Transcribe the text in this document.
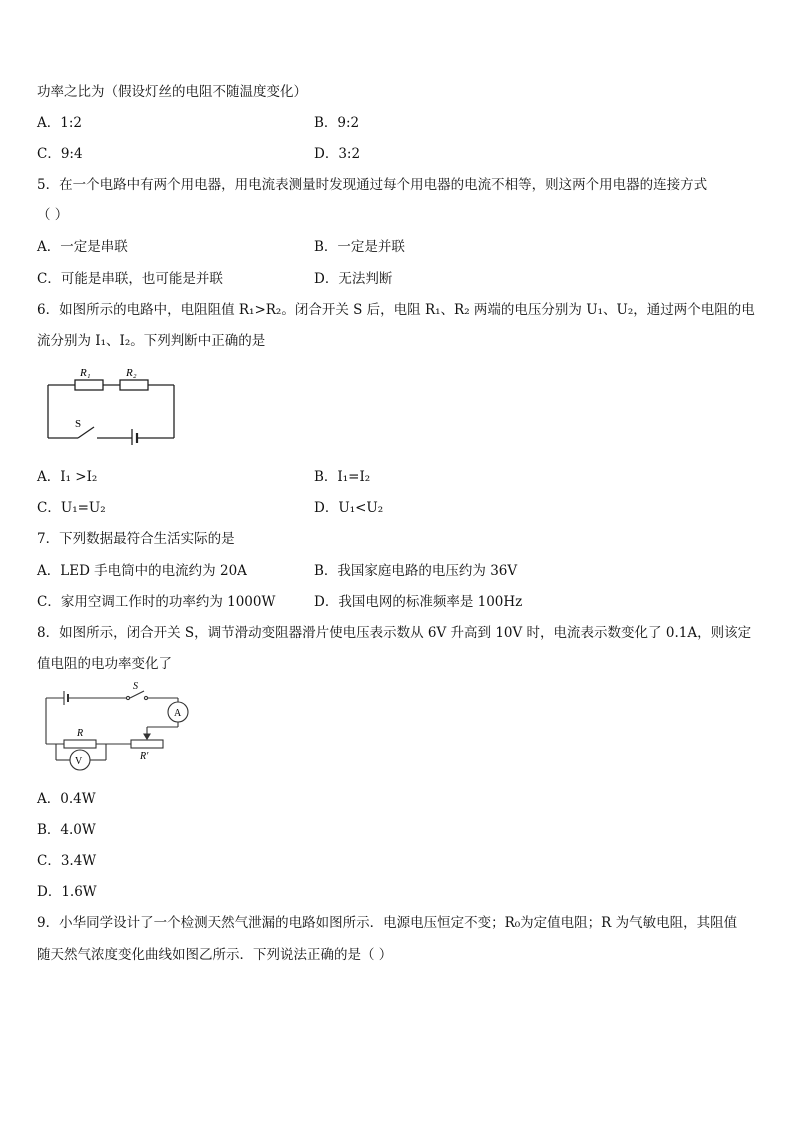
功率之比为（假设灯丝的电阻不随温度变化）
A．1:2	B．9:2
C．9:4	D．3:2
5．在一个电路中有两个用电器，用电流表测量时发现通过每个用电器的电流不相等，则这两个用电器的连接方式
（ ）
A．一定是串联	B．一定是并联
C．可能是串联，也可能是并联	D．无法判断
6．如图所示的电路中，电阻阻值 R₁>R₂。闭合开关 S 后，电阻 R₁、R₂ 两端的电压分别为 U₁、U₂，通过两个电阻的电
流分别为 I₁、I₂。下列判断中正确的是
R₁	R₂
S
A．I₁ >I₂	B．I₁=I₂
C．U₁=U₂	D．U₁<U₂
7．下列数据最符合生活实际的是
A．LED 手电筒中的电流约为 20A	B．我国家庭电路的电压约为 36V
C．家用空调工作时的功率约为 1000W	D．我国电网的标准频率是 100Hz
8．如图所示，闭合开关 S，调节滑动变阻器滑片使电压表示数从 6V 升高到 10V 时，电流表示数变化了 0.1A，则该定
值电阻的电功率变化了
A
V
S
R
R′
A．0.4W
B．4.0W
C．3.4W
D．1.6W
9．小华同学设计了一个检测天然气泄漏的电路如图所示．电源电压恒定不变；R₀为定值电阻；R 为气敏电阻，其阻值
随天然气浓度变化曲线如图乙所示．下列说法正确的是（ ）
